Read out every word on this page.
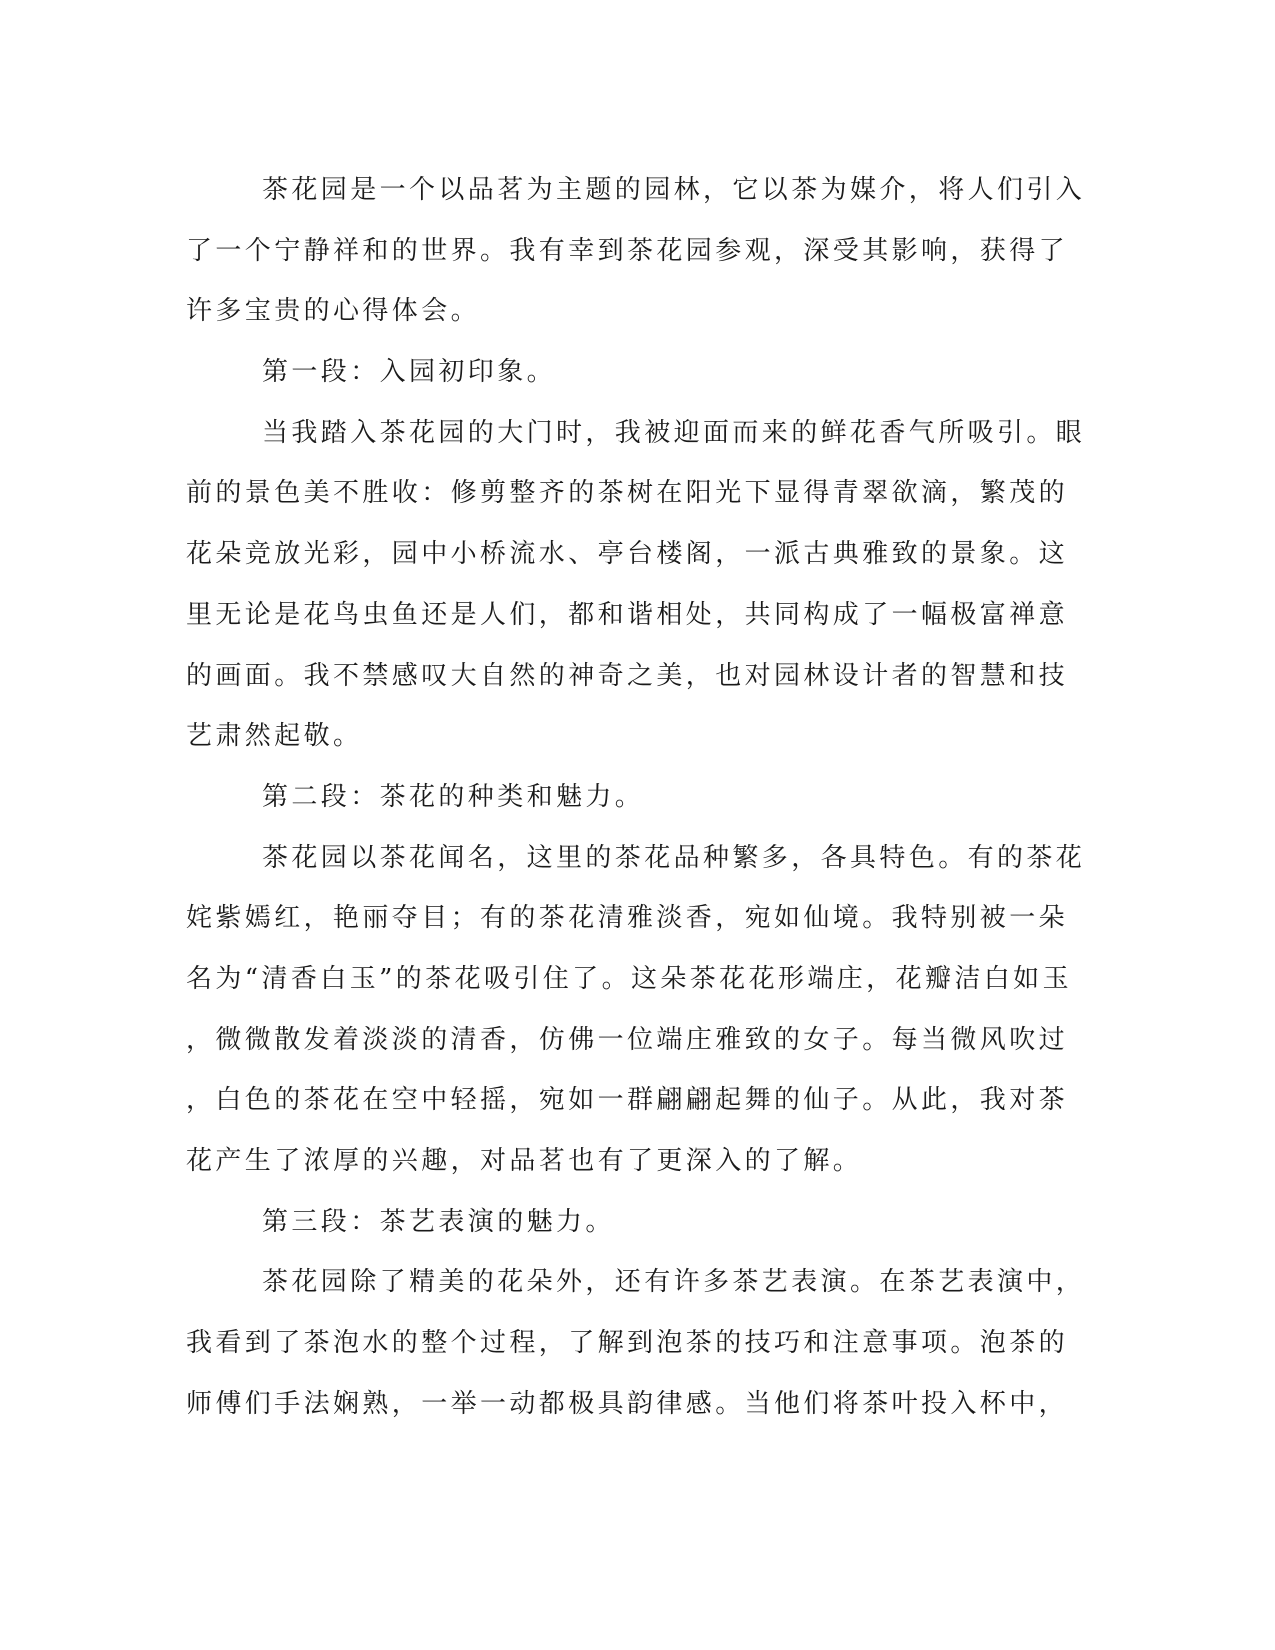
茶花园是一个以品茗为主题的园林，它以茶为媒介，将人们引入
了一个宁静祥和的世界。我有幸到茶花园参观，深受其影响，获得了
许多宝贵的心得体会。
第一段：入园初印象。
当我踏入茶花园的大门时，我被迎面而来的鲜花香气所吸引。眼
前的景色美不胜收：修剪整齐的茶树在阳光下显得青翠欲滴，繁茂的
花朵竞放光彩，园中小桥流水、亭台楼阁，一派古典雅致的景象。这
里无论是花鸟虫鱼还是人们，都和谐相处，共同构成了一幅极富禅意
的画面。我不禁感叹大自然的神奇之美，也对园林设计者的智慧和技
艺肃然起敬。
第二段：茶花的种类和魅力。
茶花园以茶花闻名，这里的茶花品种繁多，各具特色。有的茶花
姹紫嫣红，艳丽夺目；有的茶花清雅淡香，宛如仙境。我特别被一朵
名为“清香白玉”的茶花吸引住了。这朵茶花花形端庄，花瓣洁白如玉
，微微散发着淡淡的清香，仿佛一位端庄雅致的女子。每当微风吹过
，白色的茶花在空中轻摇，宛如一群翩翩起舞的仙子。从此，我对茶
花产生了浓厚的兴趣，对品茗也有了更深入的了解。
第三段：茶艺表演的魅力。
茶花园除了精美的花朵外，还有许多茶艺表演。在茶艺表演中，
我看到了茶泡水的整个过程，了解到泡茶的技巧和注意事项。泡茶的
师傅们手法娴熟，一举一动都极具韵律感。当他们将茶叶投入杯中，
